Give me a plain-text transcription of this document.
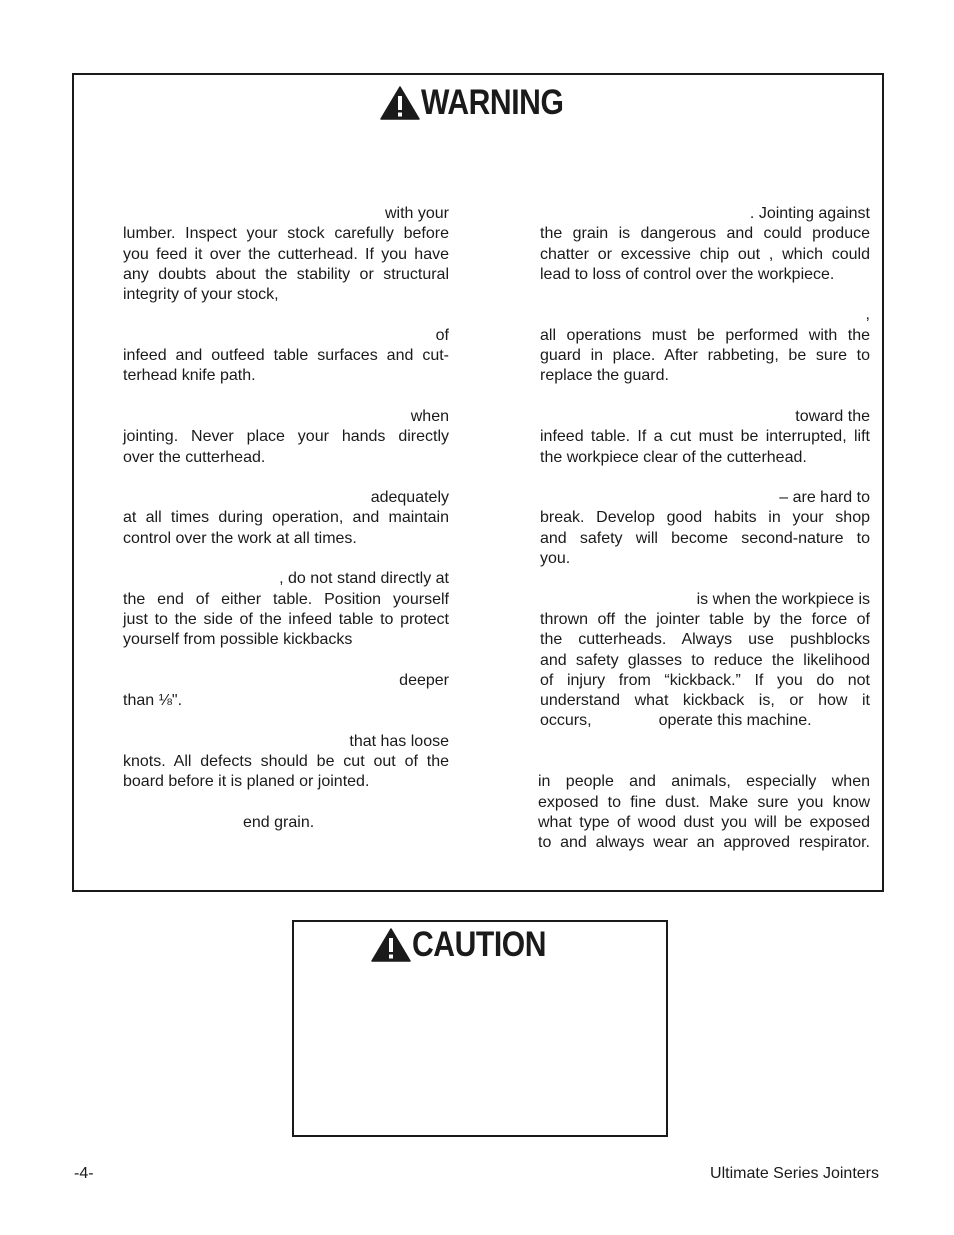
WARNING

with your

lumber. Inspect your stock carefully before

you feed it over the cutterhead. If you have

any doubts about the stability or structural

integrity of your stock,

of

infeed and outfeed table surfaces and cut-

terhead knife path.

when

jointing. Never place your hands directly

over the cutterhead.

adequately

at all times during operation, and maintain

control over the work at all times.

, do not stand directly at

the end of either table. Position yourself

just to the side of the infeed table to protect

yourself from possible kickbacks

deeper

than ⅛".

that has loose

knots. All defects should be cut out of the

board before it is planed or jointed.

end grain.

. Jointing against

the grain is dangerous and could produce

chatter or excessive chip out , which could

lead to loss of control over the workpiece.

,

all operations must be performed with the

guard in place. After rabbeting, be sure to

replace the guard.

toward the

infeed table. If a cut must be interrupted, lift

the workpiece clear of the cutterhead.

– are hard to

break. Develop good habits in your shop

and safety will become second-nature to

you.

is when the workpiece is

thrown off the jointer table by the force of

the cutterheads. Always use pushblocks

and safety glasses to reduce the likelihood

of injury from “kickback.” If you do not

understand what kickback is, or how it

occurs,	operate this machine.

in people and animals, especially when

exposed to fine dust. Make sure you know

what type of wood dust you will be exposed

to and always wear an approved respirator.

CAUTION
-4-	Ultimate Series Jointers
